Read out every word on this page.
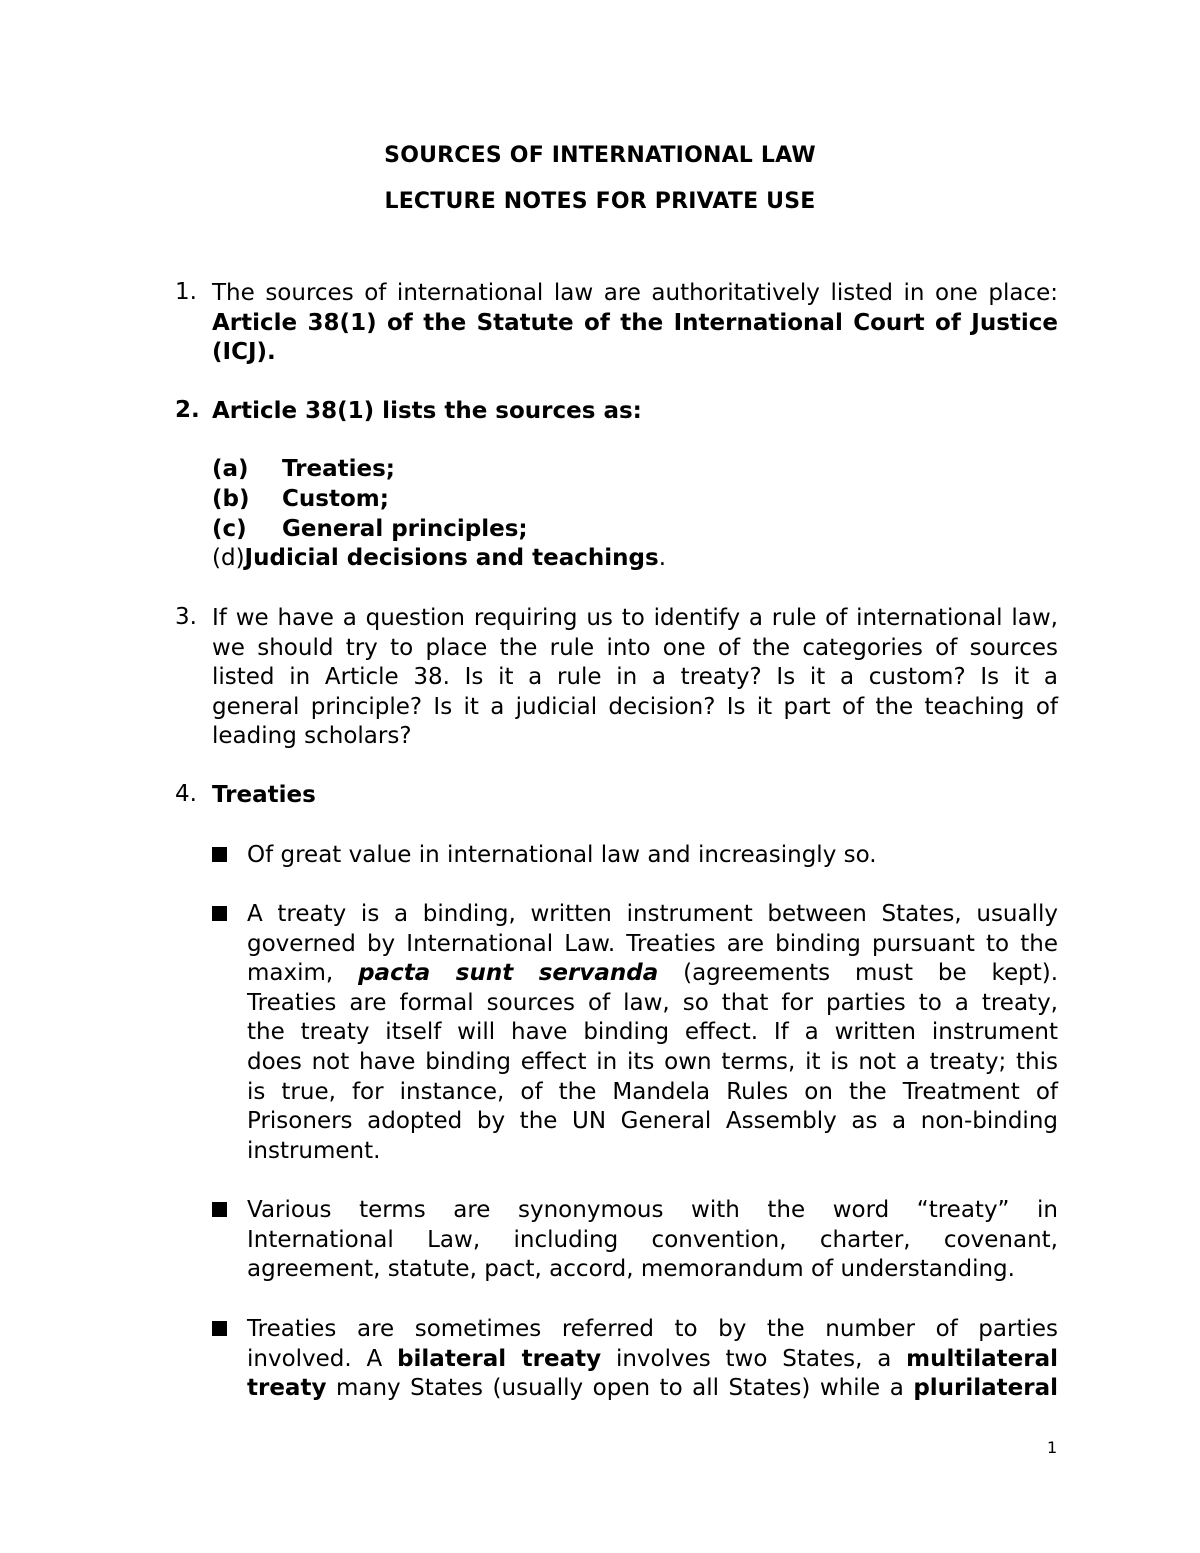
SOURCES OF INTERNATIONAL LAW
LECTURE NOTES FOR PRIVATE USE
1. The sources of international law are authoritatively listed in one place:
Article 38(1) of the Statute of the International Court of Justice
(ICJ).
2. Article 38(1) lists the sources as:
(a) Treaties;
(b) Custom;
(c) General principles;
(d)Judicial decisions and teachings.
3. If we have a question requiring us to identify a rule of international law,
we should try to place the rule into one of the categories of sources
listed in Article 38. Is it a rule in a treaty? Is it a custom? Is it a
general principle? Is it a judicial decision? Is it part of the teaching of
leading scholars?
4. Treaties
Of great value in international law and increasingly so.
A treaty is a binding, written instrument between States, usually
governed by International Law. Treaties are binding pursuant to the
maxim, pacta sunt servanda (agreements must be kept).
Treaties are formal sources of law, so that for parties to a treaty,
the treaty itself will have binding effect. If a written instrument
does not have binding effect in its own terms, it is not a treaty; this
is true, for instance, of the Mandela Rules on the Treatment of
Prisoners adopted by the UN General Assembly as a non-binding
instrument.
Various terms are synonymous with the word “treaty” in
International Law, including convention, charter, covenant,
agreement, statute, pact, accord, memorandum of understanding.
Treaties are sometimes referred to by the number of parties
involved. A bilateral treaty involves two States, a multilateral
treaty many States (usually open to all States) while a plurilateral
1
